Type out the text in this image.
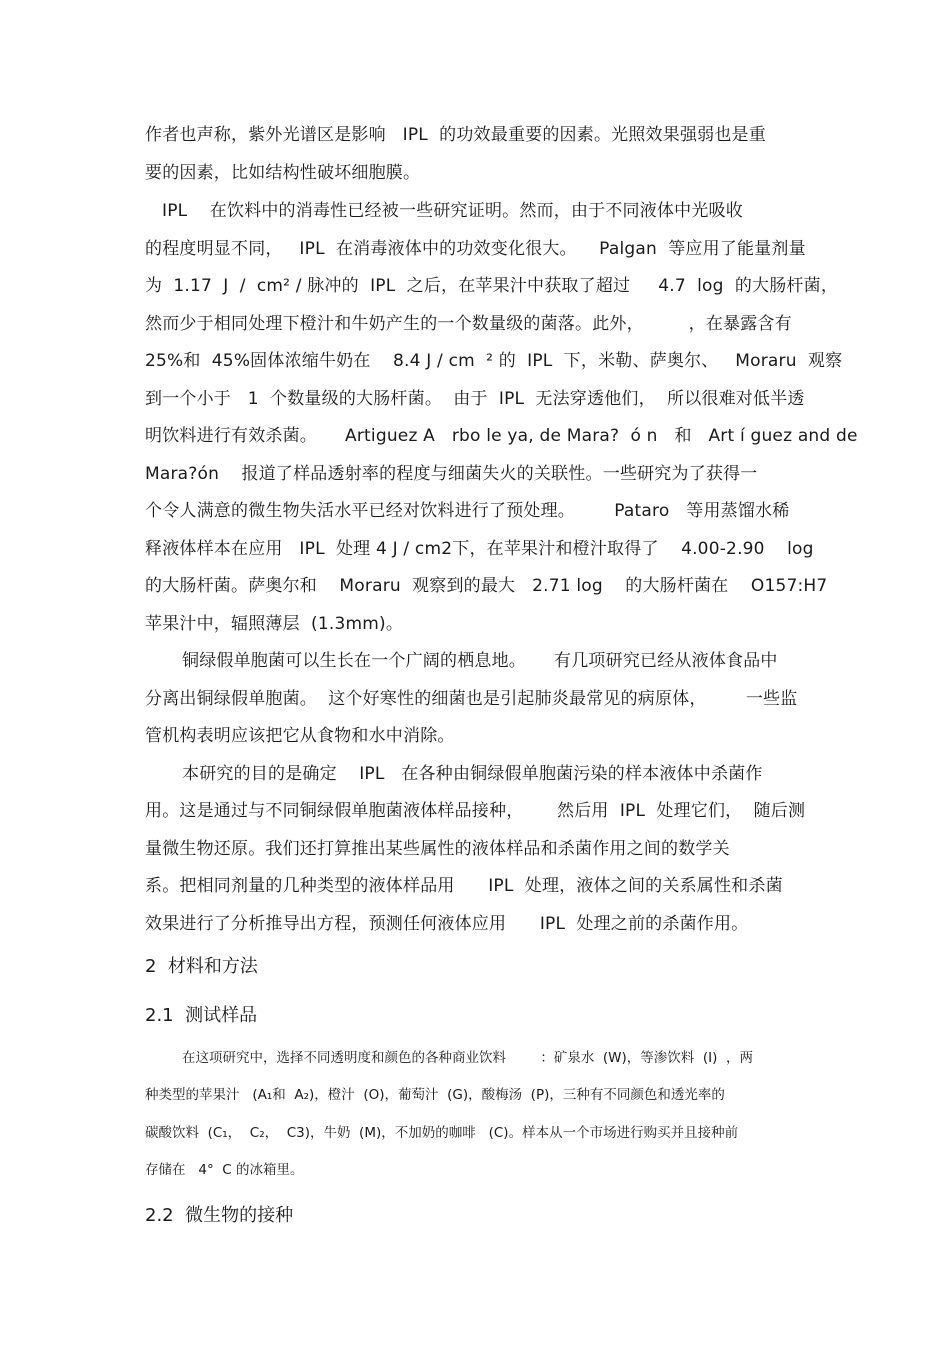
作者也声称，紫外光谱区是影响   IPL  的功效最重要的因素。光照效果强弱也是重
要的因素，比如结构性破坏细胞膜。
IPL    在饮料中的消毒性已经被一些研究证明。然而，由于不同液体中光吸收
的程度明显不同，   IPL  在消毒液体中的功效变化很大。    Palgan  等应用了能量剂量
为  1.17  J  /  cm² / 脉冲的  IPL  之后，在苹果汁中获取了超过     4.7  log  的大肠杆菌，
然而少于相同处理下橙汁和牛奶产生的一个数量级的菌落。此外，        ，在暴露含有
25%和  45%固体浓缩牛奶在    8.4 J / cm  ² 的  IPL  下，米勒、萨奥尔、   Moraru  观察
到一个小于   1  个数量级的大肠杆菌。  由于  IPL  无法穿透他们，  所以很难对低半透
明饮料进行有效杀菌。     Artiguez A   rbo le ya, de Mara?  ó n   和   Art í guez and de
Mara?ón    报道了样品透射率的程度与细菌失火的关联性。一些研究为了获得一
个令人满意的微生物失活水平已经对饮料进行了预处理。       Pataro   等用蒸馏水稀
释液体样本在应用   IPL  处理 4 J / cm2下，在苹果汁和橙汁取得了    4.00-2.90    log
的大肠杆菌。萨奥尔和    Moraru  观察到的最大   2.71 log    的大肠杆菌在    O157:H7
苹果汁中，辐照薄层  (1.3mm)。
铜绿假单胞菌可以生长在一个广阔的栖息地。     有几项研究已经从液体食品中
分离出铜绿假单胞菌。  这个好寒性的细菌也是引起肺炎最常见的病原体，       一些监
管机构表明应该把它从食物和水中消除。
本研究的目的是确定    IPL   在各种由铜绿假单胞菌污染的样本液体中杀菌作
用。这是通过与不同铜绿假单胞菌液体样品接种，      然后用  IPL  处理它们，  随后测
量微生物还原。我们还打算推出某些属性的液体样品和杀菌作用之间的数学关
系。把相同剂量的几种类型的液体样品用      IPL  处理，液体之间的关系属性和杀菌
效果进行了分析推导出方程，预测任何液体应用      IPL  处理之前的杀菌作用。
2  材料和方法
2.1  测试样品
在这项研究中，选择不同透明度和颜色的各种商业饮料        ：矿泉水  (W)，等渗饮料  (I)  ，两
种类型的苹果汁   (A₁和  A₂)，橙汁  (O)，葡萄汁  (G)，酸梅汤  (P)，三种有不同颜色和透光率的
碳酸饮料  (C₁，  C₂，  C3)，牛奶  (M)，不加奶的咖啡   (C)。样本从一个市场进行购买并且接种前
存储在   4°  C 的冰箱里。
2.2  微生物的接种
